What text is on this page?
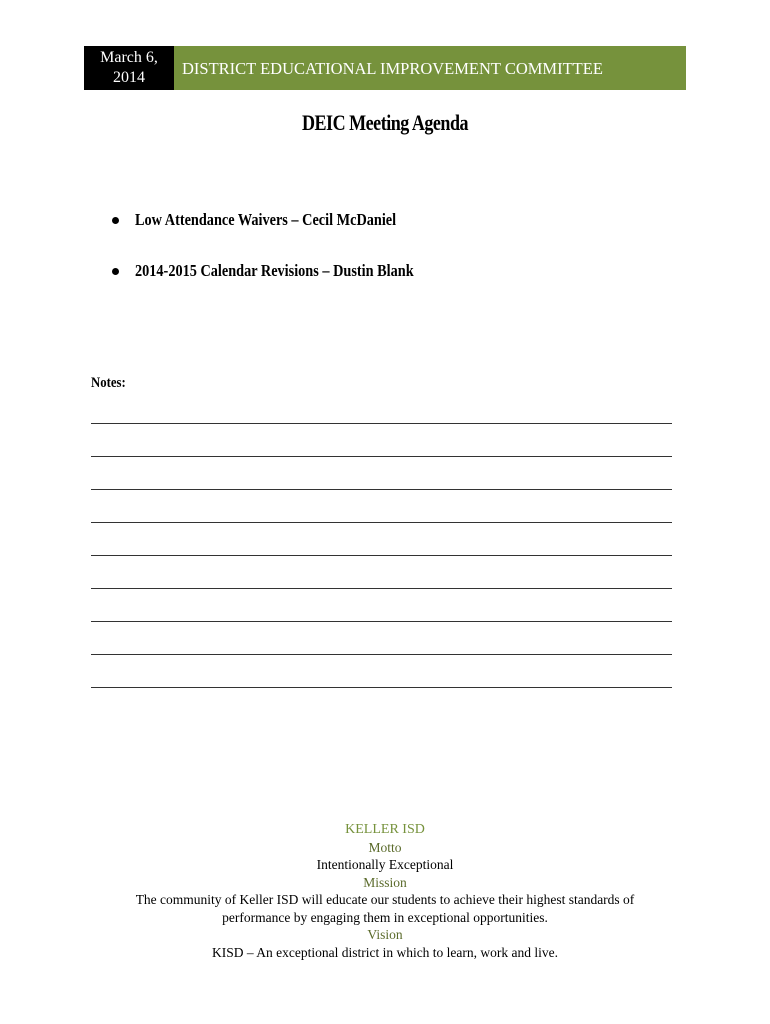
March 6,
2014	DISTRICT EDUCATIONAL IMPROVEMENT COMMITTEE
DEIC Meeting Agenda
Low Attendance Waivers – Cecil McDaniel
2014-2015 Calendar Revisions – Dustin Blank
Notes:
KELLER ISD
Motto
Intentionally Exceptional
Mission
The community of Keller ISD will educate our students to achieve their highest standards of
performance by engaging them in exceptional opportunities.
Vision
KISD – An exceptional district in which to learn, work and live.
